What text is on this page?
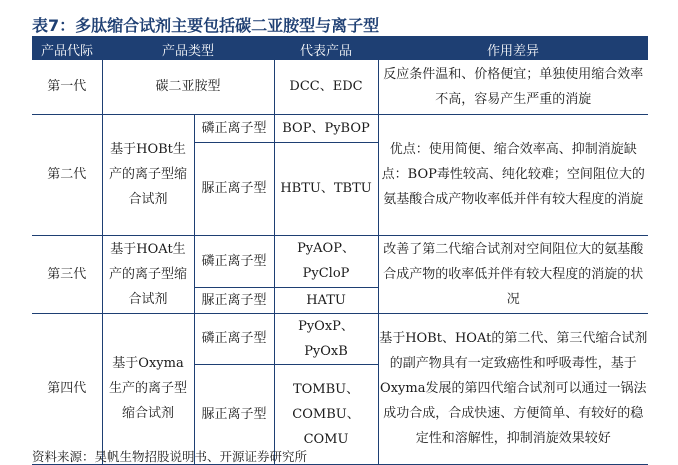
表7：多肽缩合试剂主要包括碳二亚胺型与离子型
产品代际	产品类型		代表产品	作用差异
第一代	碳二亚胺型		DCC、EDC	反应条件温和、价格便宜；单独使用缩合效率不高，容易产生严重的消旋
第二代	基于HOBt生产的离子型缩合试剂	磷正离子型	BOP、PyBOP	优点：使用简便、缩合效率高、抑制消旋缺点：BOP毒性较高、纯化较难；空间阻位大的氨基酸合成产物收率低并伴有较大程度的消旋
		脲正离子型	HBTU、TBTU	
第三代	基于HOAt生产的离子型缩合试剂	磷正离子型	PyAOP、PyCloP	改善了第二代缩合试剂对空间阻位大的氨基酸合成产物的收率低并伴有较大程度的消旋的状况
		脲正离子型	HATU	
第四代	基于Oxyma生产的离子型缩合试剂	磷正离子型	PyOxP、PyOxB	基于HOBt、HOAt的第二代、第三代缩合试剂的副产物具有一定致癌性和呼吸毒性，基于Oxyma发展的第四代缩合试剂可以通过一锅法成功合成，合成快速、方便简单、有较好的稳定性和溶解性，抑制消旋效果较好
		脲正离子型	TOMBU、COMBU、COMU	
资料来源：昊帆生物招股说明书、开源证券研究所
